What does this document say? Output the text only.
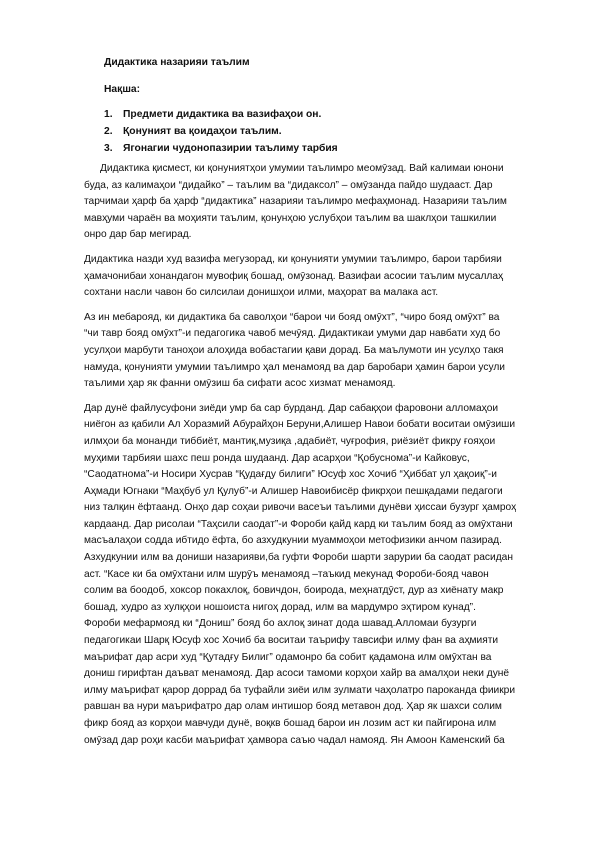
Дидактика назарияи таълим
Нақша:
1. Предмети дидактика ва вазифаҳои он.
2. Қонуният ва қоидаҳои таълим.
3. Ягонагии чудонопазирии таълиму тарбия

Дидактика қисмест, ки қонуниятҳои умумии таълимро меомӯзад. Вай калимаи юнони
буда, аз калимаҳои “дидайко” – таълим ва “дидаксол” – омӯзанда пайдо шудааст. Дар
тарчимаи ҳарф ба ҳарф “дидактика” назарияи таълимро мефаҳмонад. Назарияи таълим
мавҳуми чараён ва моҳияти таълим, қонунҳою услубҳои таълим ва шаклҳои ташкилии
онро дар бар мегирад.

Дидактика назди худ вазифа мегузорад, ки қонунияти умумии таълимро, барои тарбияи
ҳамачонибаи хонандагон мувофиқ бошад, омӯзонад. Вазифаи асосии таълим мусаллаҳ
сохтани насли чавон бо силсилаи донишҳои илми, маҳорат ва малака аст.

Аз ин мебарояд, ки дидактика ба саволҳои “барои чи бояд омӯхт”, “чиро бояд омӯхт” ва
“чи тавр бояд омӯхт”-и педагогика чавоб мечӯяд. Дидактикаи умуми дар навбати худ бо
усулҳои марбути таноҳои алоҳида вобастагии қави дорад. Ба маълумоти ин усулҳо такя
намуда, қонунияти умумии таълимро ҳал менамояд ва дар баробари ҳамин барои усули
таълими ҳар як фанни омӯзиш ба сифати асос хизмат менамояд.

Дар дунё файлусуфони зиёди умр ба сар бурданд. Дар сабақҳои фаровони алломаҳои
ниёгон аз қабили Ал Хоразмий Абурайҳон Беруни,Алишер Навои бобати воситаи омӯзиши
илмҳои ба монанди тиббиёт, мантиқ,музиқа ,адабиёт, чуғрофия, риёзиёт фикру ғояҳои
муҳими тарбияи шахс пеш ронда шудаанд. Дар асарҳои “Қобуснома”-и Кайковус,
“Саодатнома”-и Носири Хусрав “Қудағду билиги” Юсуф хос Хочиб “Ҳиббат ул ҳақоиқ”-и
Аҳмади Югнаки “Маҳбуб ул Қулуб”-и Алишер Навоибисёр фикрҳои пешқадами педагоги
низ талқин ёфтаанд. Онҳо дар соҳаи ривочи васеъи таълими дунёви ҳиссаи бузург ҳамроҳ
кардаанд. Дар рисолаи “Таҳсили саодат”-и Фороби қайд кард ки таълим бояд аз омӯхтани
масъалаҳои содда ибтидо ёфта, бо азхудкунии муаммоҳои метофизики анчом пазирад.
Азхудкунии илм ва дониши назарияви,ба гуфти Фороби шарти зарурии ба саодат расидан
аст. “Касе ки ба омӯхтани илм шурӯъ менамояд –таъкид мекунад Фороби-бояд чавон
солим ва боодоб, хоксор покахлоқ, бовичдон, боирода, меҳнатдӯст, дур аз хиёнату макр
бошад, худро аз хулқҳои ношоиста нигоҳ дорад, илм ва мардумро эҳтиром кунад”.
Фороби мефармояд ки “Дониш” бояд бо ахлоқ зинат дода шавад.Алломаи бузурги
педагогикаи Шарқ Юсуф хос Хочиб ба воситаи таърифу тавсифи илму фан ва аҳмияти
маърифат дар асри худ “Қутадғу Билиг” одамонро ба собит қадамона илм омӯхтан ва
дониш гирифтан даъват менамояд. Дар асоси тамоми корҳои хайр ва амалҳои неки дунё
илму маърифат қарор доррад ба туфайли зиёи илм зулмати чаҳолатро пароканда фиикри
равшан ва нури маърифатро дар олам интишор бояд метавон дод. Ҳар як шахси солим
фикр бояд аз корҳои мавчуди дунё, воқкв бошад барои ин лозим аст ки пайгирона илм
омӯзад дар роҳи касби маърифат ҳамвора саъю чадал намояд. Ян Амоон Каменский ба
